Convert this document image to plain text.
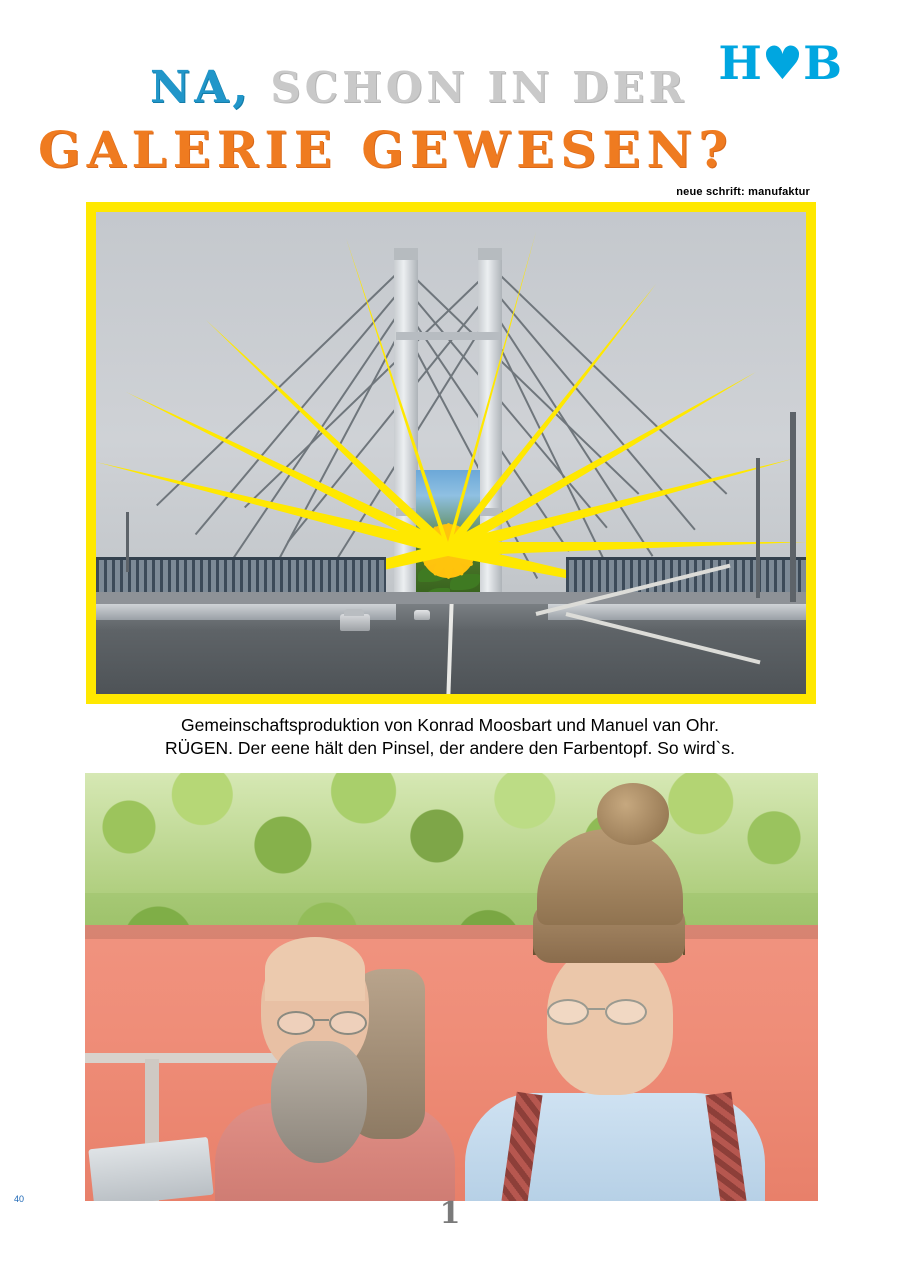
NA, SCHON IN DER
GALERIE GEWESEN?
H♥B
neue schrift: manufaktur
Gemeinschaftsproduktion von Konrad Moosbart und Manuel van Ohr.
RÜGEN. Der eene hält den Pinsel, der andere den Farbentopf. So wird`s.
1
40
